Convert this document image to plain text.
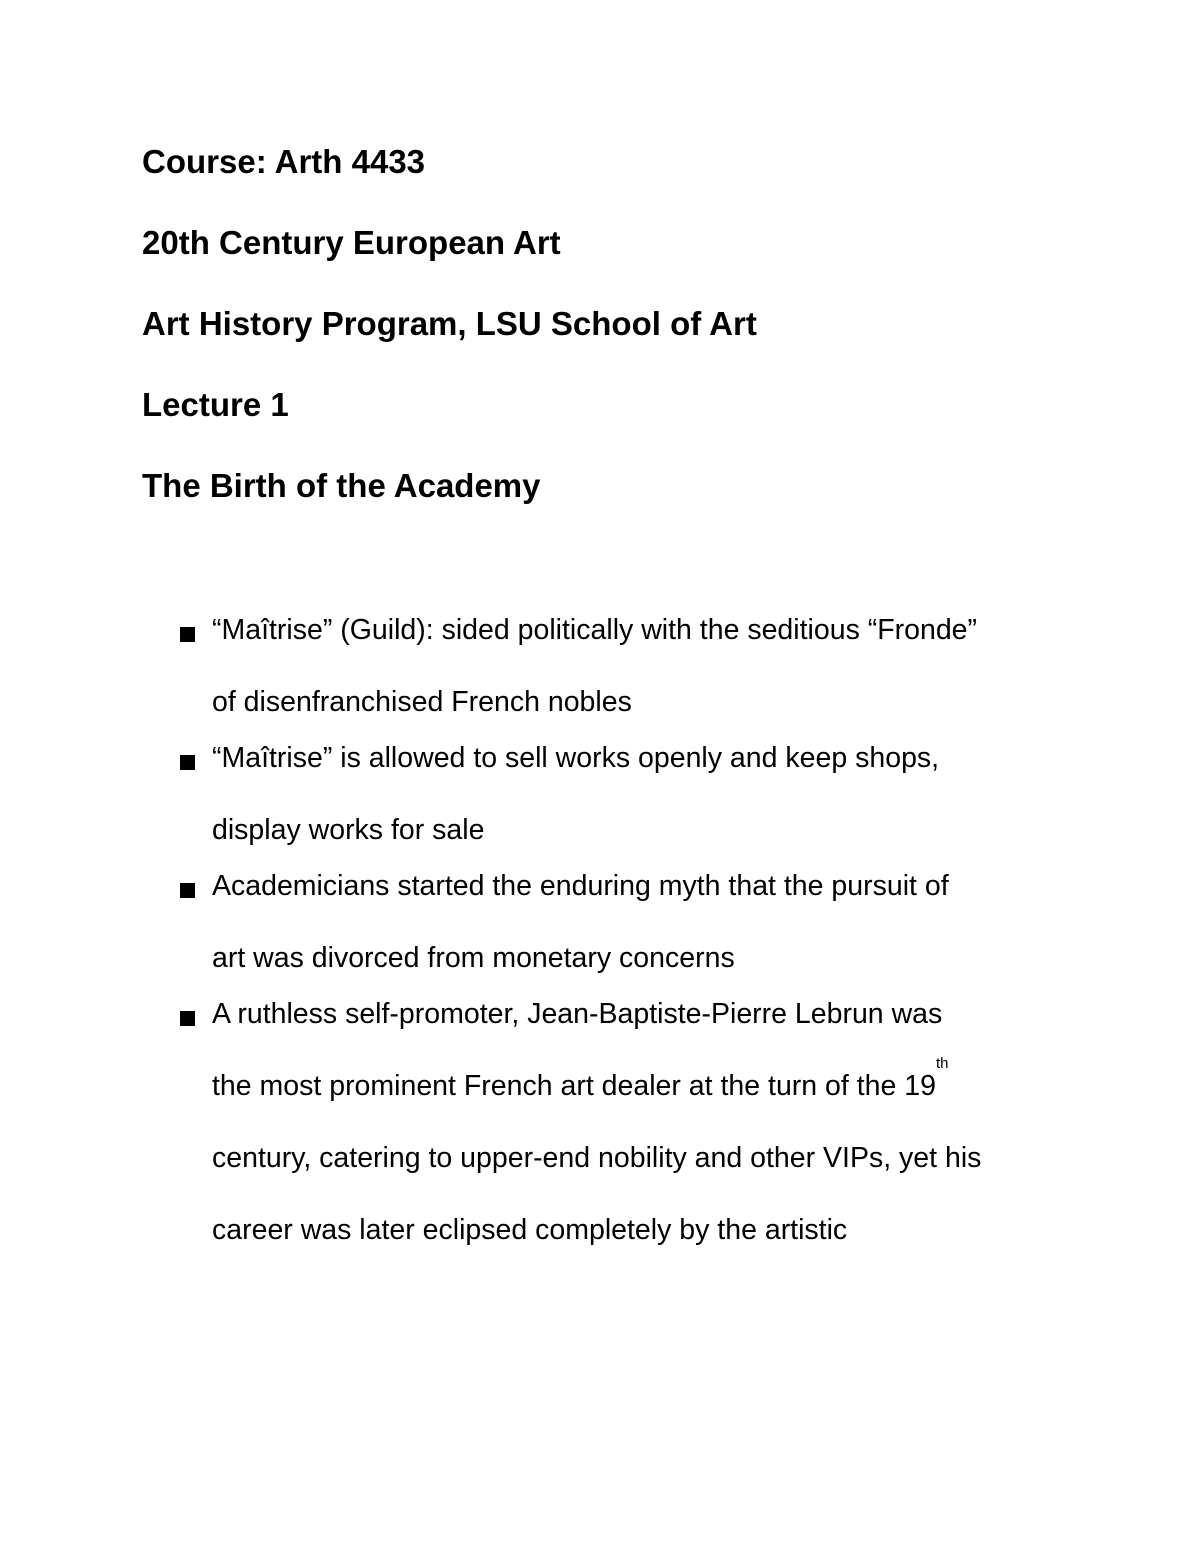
Course: Arth 4433
20th Century European Art
Art History Program, LSU School of Art
Lecture 1
The Birth of the Academy
“Maîtrise” (Guild): sided politically with the seditious “Fronde”
of disenfranchised French nobles
“Maîtrise” is allowed to sell works openly and keep shops,
display works for sale
Academicians started the enduring myth that the pursuit of
art was divorced from monetary concerns
A ruthless self-promoter, Jean-Baptiste-Pierre Lebrun was
the most prominent French art dealer at the turn of the 19th
century, catering to upper-end nobility and other VIPs, yet his
career was later eclipsed completely by the artistic
